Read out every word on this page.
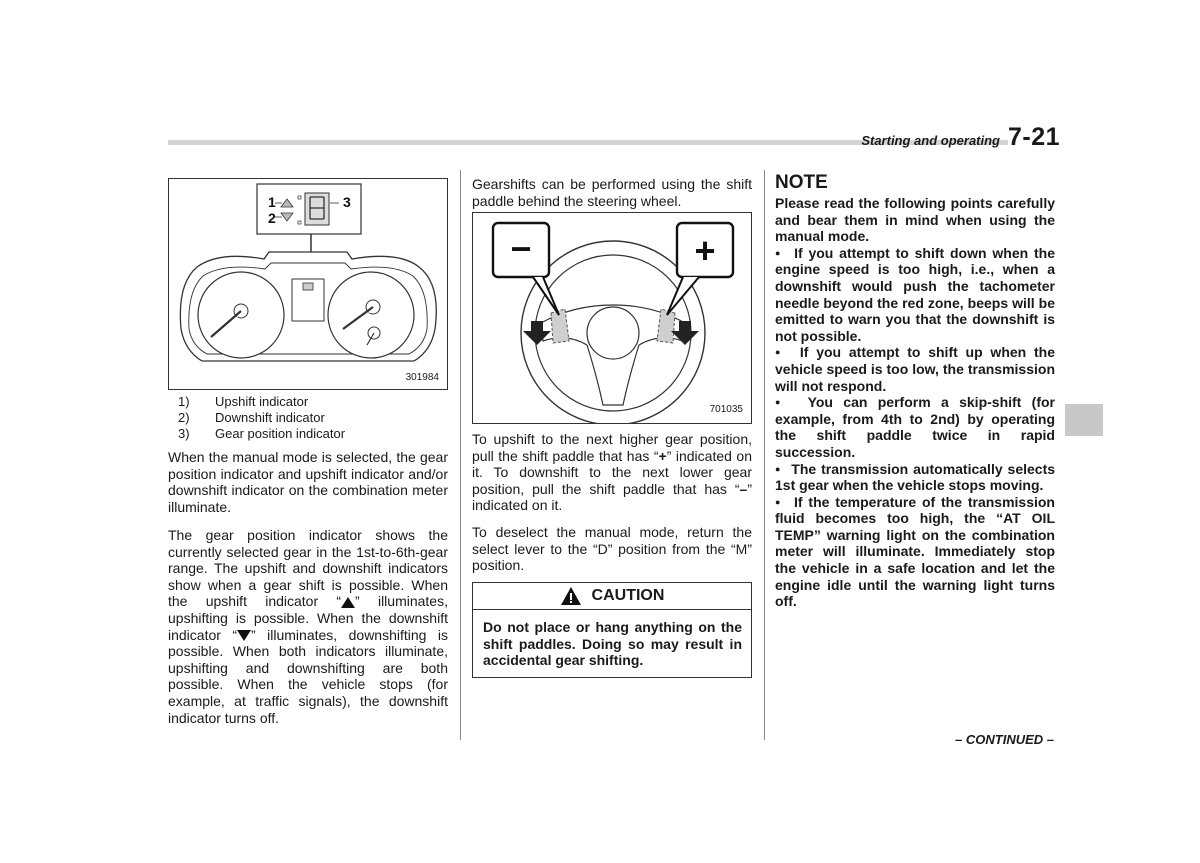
Starting and operating 7-21
1
2
3
301984
1)	Upshift indicator
2)	Downshift indicator
3)	Gear position indicator
When the manual mode is selected, the gear position indicator and upshift indicator and/or downshift indicator on the combination meter illuminate.
The gear position indicator shows the currently selected gear in the 1st-to-6th-gear range. The upshift and downshift indicators show when a gear shift is possible. When the upshift indicator “ ” illuminates, upshifting is possible. When the downshift indicator “ ” illuminates, downshifting is possible. When both indicators illuminate, upshifting and downshifting are both possible. When the vehicle stops (for example, at traffic signals), the downshift indicator turns off.
Gearshifts can be performed using the shift paddle behind the steering wheel.
−	+
701035
To upshift to the next higher gear position, pull the shift paddle that has “+” indicated on it. To downshift to the next lower gear position, pull the shift paddle that has “–” indicated on it.
To deselect the manual mode, return the select lever to the “D” position from the “M” position.
CAUTION
Do not place or hang anything on the shift paddles. Doing so may result in accidental gear shifting.
NOTE

Please read the following points carefully and bear them in mind when using the manual mode.

● If you attempt to shift down when the engine speed is too high, i.e., when a downshift would push the tachometer needle beyond the red zone, beeps will be emitted to warn you that the downshift is not possible.

● If you attempt to shift up when the vehicle speed is too low, the transmission will not respond.

● You can perform a skip-shift (for example, from 4th to 2nd) by operating the shift paddle twice in rapid succession.

● The transmission automatically selects 1st gear when the vehicle stops moving.

● If the temperature of the transmission fluid becomes too high, the “AT OIL TEMP” warning light on the combination meter will illuminate. Immediately stop the vehicle in a safe location and let the engine idle until the warning light turns off.

– CONTINUED –
